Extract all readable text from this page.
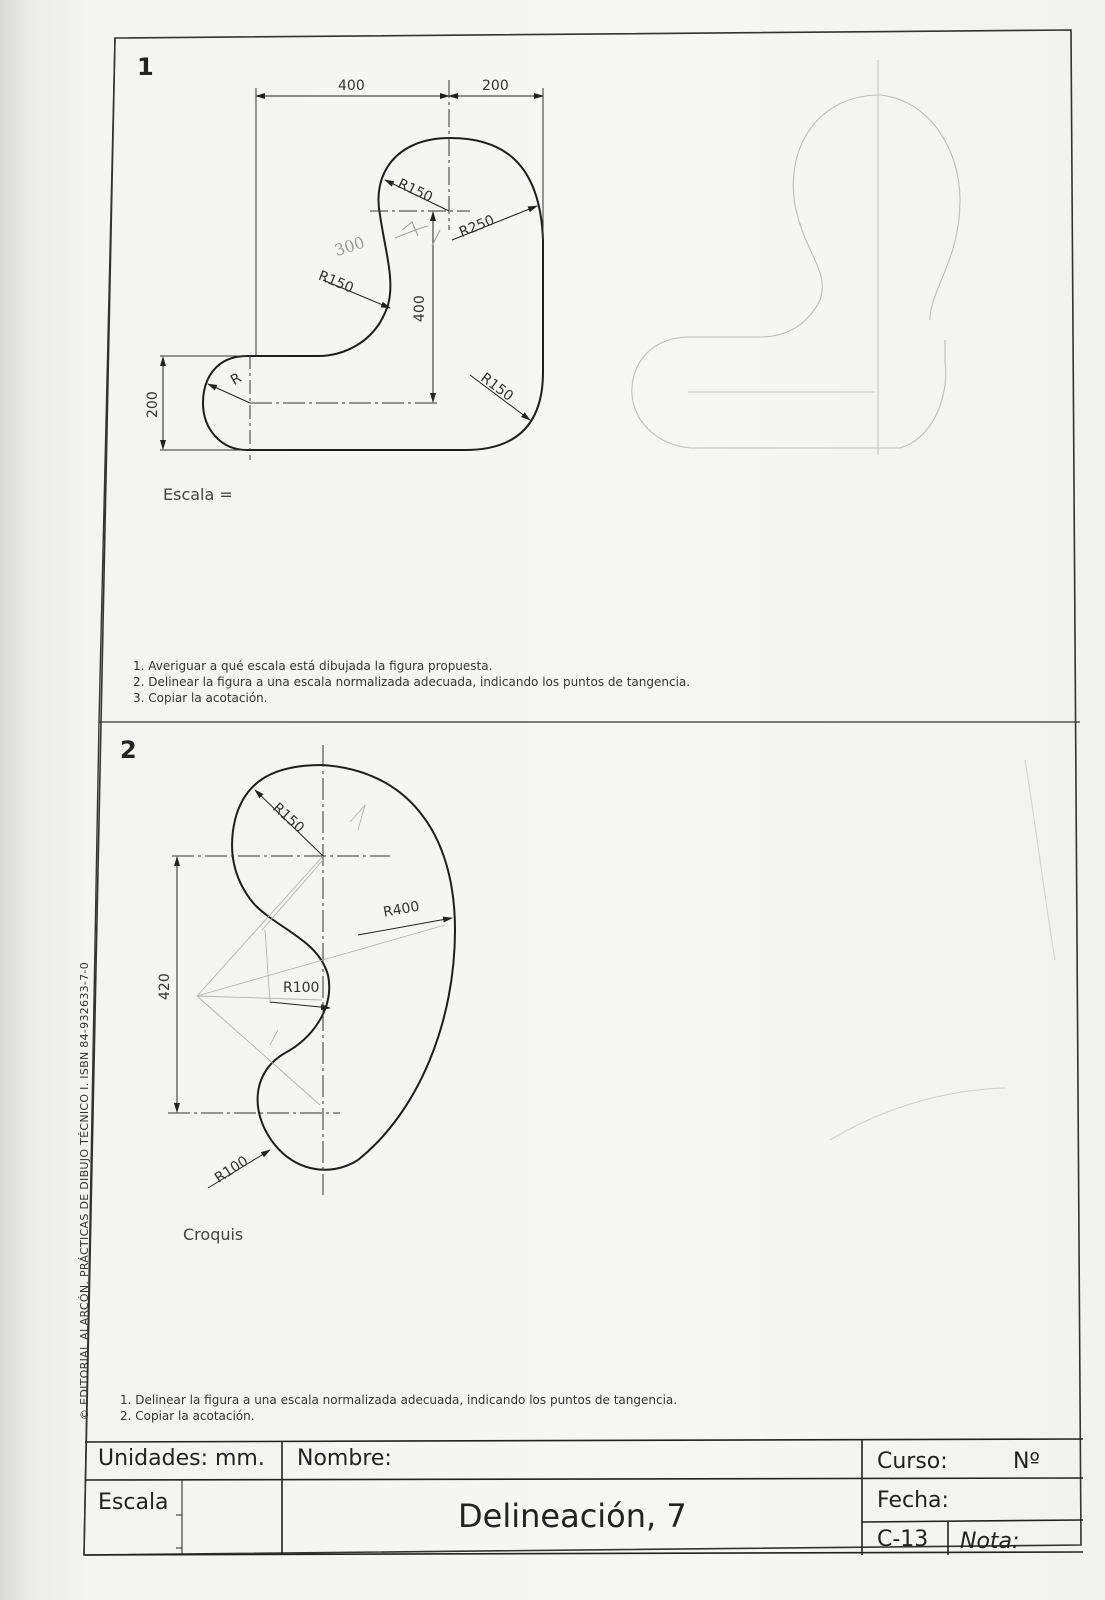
1
400	200
R150
R250
R150
400
R150
200
R
300
Escala =
1. Averiguar a qué escala está dibujada la figura propuesta.
2. Delinear la figura a una escala normalizada adecuada, indicando los puntos de tangencia.
3. Copiar la acotación.
2
R150
R400
R100
420
R100
Croquis
1. Delinear la figura a una escala normalizada adecuada, indicando los puntos de tangencia.
2. Copiar la acotación.
© EDITORIAL ALARCÓN. PRÁCTICAS DE DIBUJO TÉCNICO I. ISBN 84-932633-7-0
Unidades: mm. Nombre:	Curso:	Nº
Escala	Delineación, 7	Fecha:
C-13 Nota:
